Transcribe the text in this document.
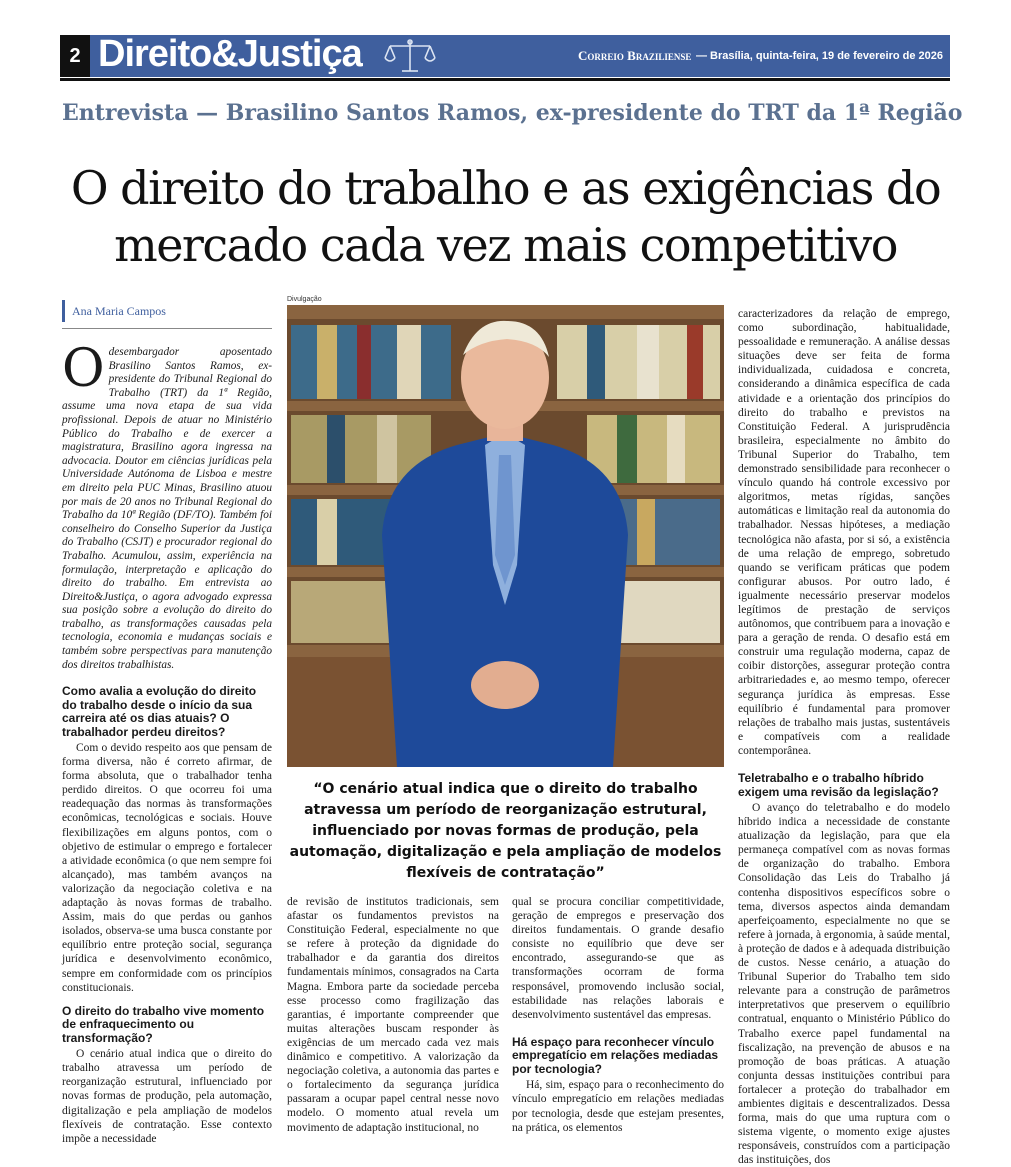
2 Direito&Justiça	Correio Braziliense — Brasília, quinta-feira, 19 de fevereiro de 2026
Entrevista — Brasilino Santos Ramos, ex-presidente do TRT da 1ª Região
O direito do trabalho e as exigências do mercado cada vez mais competitivo
Ana Maria Campos
Odesembargador aposentado Brasilino Santos Ramos, ex-presidente do Tribunal Regional do Trabalho (TRT) da 1ª Região, assume uma nova etapa de sua vida profissional. Depois de atuar no Ministério Público do Trabalho e de exercer a magistratura, Brasilino agora ingressa na advocacia. Doutor em ciências jurídicas pela Universidade Autónoma de Lisboa e mestre em direito pela PUC Minas, Brasilino atuou por mais de 20 anos no Tribunal Regional do Trabalho da 10ª Região (DF/TO). Também foi conselheiro do Conselho Superior da Justiça do Trabalho (CSJT) e procurador regional do Trabalho. Acumulou, assim, experiência na formulação, interpretação e aplicação do direito do trabalho. Em entrevista ao Direito&Justiça, o agora advogado expressa sua posição sobre a evolução do direito do trabalho, as transformações causadas pela tecnologia, economia e mudanças sociais e também sobre perspectivas para manutenção dos direitos trabalhistas.
Como avalia a evolução do direito do trabalho desde o início da sua carreira até os dias atuais? O trabalhador perdeu direitos?

Com o devido respeito aos que pensam de forma diversa, não é correto afirmar, de forma absoluta, que o trabalhador tenha perdido direitos. O que ocorreu foi uma readequação das normas às transformações econômicas, tecnológicas e sociais. Houve flexibilizações em alguns pontos, com o objetivo de estimular o emprego e fortalecer a atividade econômica (o que nem sempre foi alcançado), mas também avanços na valorização da negociação coletiva e na adaptação às novas formas de trabalho. Assim, mais do que perdas ou ganhos isolados, observa-se uma busca constante por equilíbrio entre proteção social, segurança jurídica e desenvolvimento econômico, sempre em conformidade com os princípios constitucionais.

O direito do trabalho vive momento de enfraquecimento ou transformação?

O cenário atual indica que o direito do trabalho atravessa um período de reorganização estrutural, influenciado por novas formas de produção, pela automação, digitalização e pela ampliação de modelos flexíveis de contratação. Esse contexto impõe a necessidade

Divulgação
“O cenário atual indica que o direito do trabalho atravessa um período de reorganização estrutural, influenciado por novas formas de produção, pela automação, digitalização e pela ampliação de modelos flexíveis de contratação”

de revisão de institutos tradicionais, sem afastar os fundamentos previstos na Constituição Federal, especialmente no que se refere à proteção da dignidade do trabalhador e da garantia dos direitos fundamentais mínimos, consagrados na Carta Magna. Embora parte da sociedade perceba esse processo como fragilização das garantias, é importante compreender que muitas alterações buscam responder às exigências de um mercado cada vez mais dinâmico e competitivo. A valorização da negociação coletiva, a autonomia das partes e o fortalecimento da segurança jurídica passaram a ocupar papel central nesse novo modelo. O momento atual revela um movimento de adaptação institucional, no

qual se procura conciliar competitividade, geração de empregos e preservação dos direitos fundamentais. O grande desafio consiste no equilíbrio que deve ser encontrado, assegurando-se que as transformações ocorram de forma responsável, promovendo inclusão social, estabilidade nas relações laborais e desenvolvimento sustentável das empresas.

Há espaço para reconhecer vínculo empregatício em relações mediadas por tecnologia?

Há, sim, espaço para o reconhecimento do vínculo empregatício em relações mediadas por tecnologia, desde que estejam presentes, na prática, os elementos

caracterizadores da relação de emprego, como subordinação, habitualidade, pessoalidade e remuneração. A análise dessas situações deve ser feita de forma individualizada, cuidadosa e concreta, considerando a dinâmica específica de cada atividade e a orientação dos princípios do direito do trabalho e previstos na Constituição Federal. A jurisprudência brasileira, especialmente no âmbito do Tribunal Superior do Trabalho, tem demonstrado sensibilidade para reconhecer o vínculo quando há controle excessivo por algoritmos, metas rígidas, sanções automáticas e limitação real da autonomia do trabalhador. Nessas hipóteses, a mediação tecnológica não afasta, por si só, a existência de uma relação de emprego, sobretudo quando se verificam práticas que podem configurar abusos. Por outro lado, é igualmente necessário preservar modelos legítimos de prestação de serviços autônomos, que contribuem para a inovação e para a geração de renda. O desafio está em construir uma regulação moderna, capaz de coibir distorções, assegurar proteção contra arbitrariedades e, ao mesmo tempo, oferecer segurança jurídica às empresas. Esse equilíbrio é fundamental para promover relações de trabalho mais justas, sustentáveis e compatíveis com a realidade contemporânea.

Teletrabalho e o trabalho híbrido exigem uma revisão da legislação?

O avanço do teletrabalho e do modelo híbrido indica a necessidade de constante atualização da legislação, para que ela permaneça compatível com as novas formas de organização do trabalho. Embora Consolidação das Leis do Trabalho já contenha dispositivos específicos sobre o tema, diversos aspectos ainda demandam aperfeiçoamento, especialmente no que se refere à jornada, à ergonomia, à saúde mental, à proteção de dados e à adequada distribuição de custos. Nesse cenário, a atuação do Tribunal Superior do Trabalho tem sido relevante para a construção de parâmetros interpretativos que preservem o equilíbrio contratual, enquanto o Ministério Público do Trabalho exerce papel fundamental na fiscalização, na prevenção de abusos e na promoção de boas práticas. A atuação conjunta dessas instituições contribui para fortalecer a proteção do trabalhador em ambientes digitais e descentralizados. Dessa forma, mais do que uma ruptura com o sistema vigente, o momento exige ajustes responsáveis, construídos com a participação das instituições, dos
